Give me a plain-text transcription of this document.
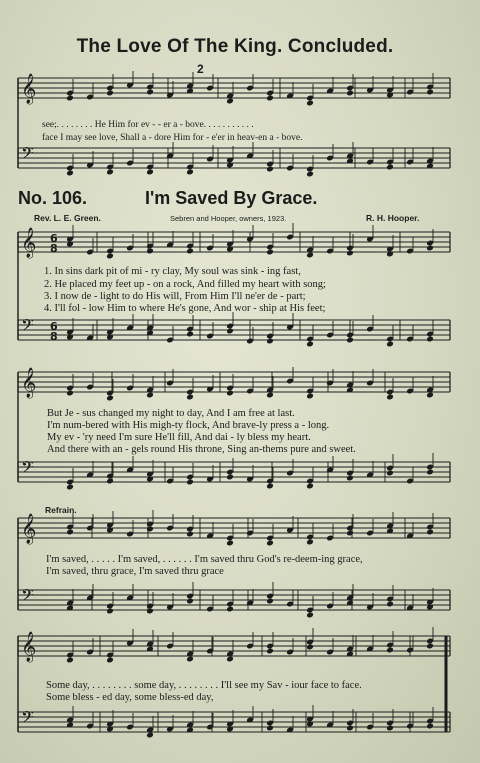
𝄞
𝄢
𝄞
𝄢
6
8
6
8
𝄞
𝄢
𝄞
𝄢
𝄞
𝄢
The Love Of The King. Concluded.
2
see;. . . . . . . . He Him for ev - - er a - bove. . . . . . . . . . .
face I may see love, Shall a - dore Him for - e'er in heav-en a - bove.
No. 106.	I'm Saved By Grace.
Rev. L. E. Green.	Sebren and Hooper, owners, 1923.	R. H. Hooper.
1. In sins dark pit of mi - ry clay, My soul was sink - ing fast,
2. He placed my feet up - on a rock, And filled my heart with song;
3. I now de - light to do His will, From Him I'll ne'er de - part;
4. I'll fol - low Him to where He's gone, And wor - ship at His feet;
But Je - sus changed my night to day, And I am free at last.
I'm num-bered with His migh-ty flock, And brave-ly press a - long.
My ev - 'ry need I'm sure He'll fill, And dai - ly bless my heart.
And there with an - gels round His throne, Sing an-thems pure and sweet.
Refrain.
I'm saved, . . . . . I'm saved, . . . . . . I'm saved thru God's re-deem-ing grace,
I'm saved, thru grace, I'm saved thru grace
Some day, . . . . . . . . some day, . . . . . . . . I'll see my Sav - iour face to face.
Some bless - ed day, some bless-ed day,
